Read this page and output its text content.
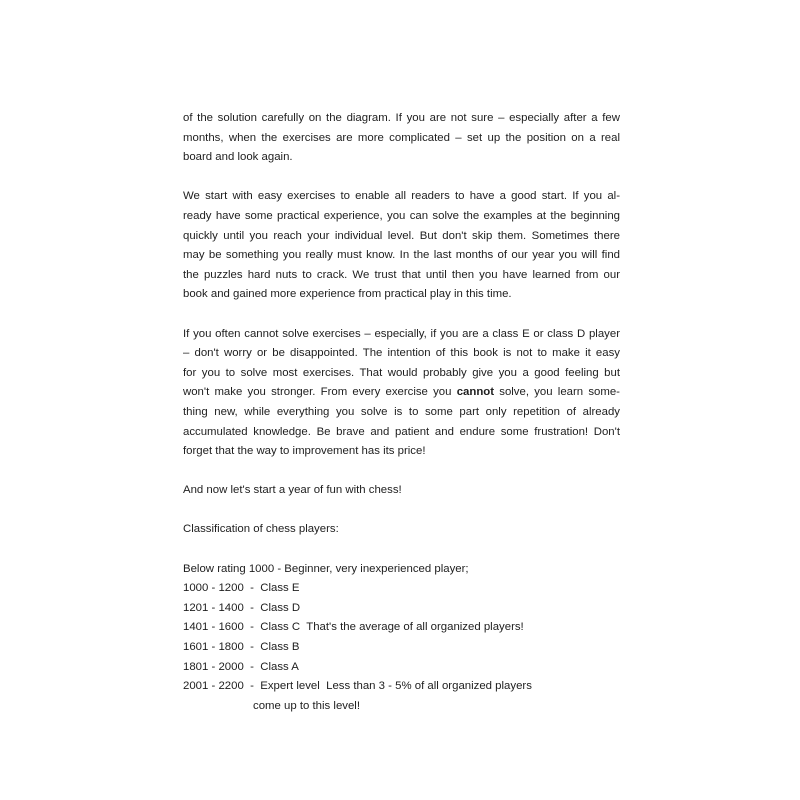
of the solution carefully on the diagram. If you are not sure – especially after a few
months, when the exercises are more complicated – set up the position on a real
board and look again.

We start with easy exercises to enable all readers to have a good start. If you al-
ready have some practical experience, you can solve the examples at the beginning
quickly until you reach your individual level. But don't skip them. Sometimes there
may be something you really must know. In the last months of our year you will find
the puzzles hard nuts to crack. We trust that until then you have learned from our
book and gained more experience from practical play in this time.

If you often cannot solve exercises – especially, if you are a class E or class D player
– don't worry or be disappointed. The intention of this book is not to make it easy
for you to solve most exercises. That would probably give you a good feeling but
won't make you stronger. From every exercise you cannot solve, you learn some-
thing new, while everything you solve is to some part only repetition of already
accumulated knowledge. Be brave and patient and endure some frustration! Don't
forget that the way to improvement has its price!

And now let's start a year of fun with chess!

Classification of chess players:

Below rating 1000 - Beginner, very inexperienced player;
1000 - 1200 - Class E
1201 - 1400 - Class D
1401 - 1600 - Class C  That's the average of all organized players!
1601 - 1800 - Class B
1801 - 2000 - Class A
2001 - 2200 - Expert level  Less than 3 - 5% of all organized players
come up to this level!
